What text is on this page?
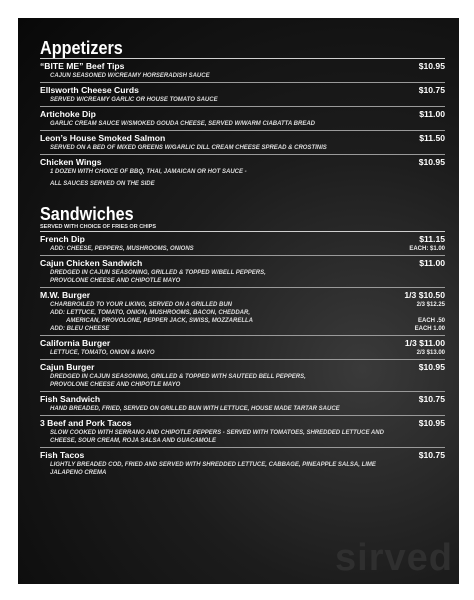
sirved
Appetizers
“BITE ME” Beef Tips	$10.95
CAJUN SEASONED W/CREAMY HORSERADISH SAUCE
Ellsworth Cheese Curds	$10.75
SERVED W/CREAMY GARLIC OR HOUSE TOMATO SAUCE
Artichoke Dip	$11.00
GARLIC CREAM SAUCE W/SMOKED GOUDA CHEESE, SERVED W/WARM CIABATTA BREAD
Leon’s House Smoked Salmon	$11.50
SERVED ON A BED OF MIXED GREENS W/GARLIC DILL CREAM CHEESE SPREAD & CROSTINIS
Chicken Wings	$10.95
1 DOZEN WITH CHOICE OF BBQ, THAI, JAMAICAN OR HOT SAUCE -
ALL SAUCES SERVED ON THE SIDE
Sandwiches
SERVED WITH CHOICE OF FRIES OR CHIPS
French Dip	$11.15
ADD: CHEESE, PEPPERS, MUSHROOMS, ONIONS	EACH: $1.00
Cajun Chicken Sandwich	$11.00
DREDGED IN CAJUN SEASONING, GRILLED & TOPPED W/BELL PEPPERS,
PROVOLONE CHEESE AND CHIPOTLE MAYO
M.W. Burger	1/3 $10.50
CHARBROILED TO YOUR LIKING, SERVED ON A GRILLED BUN	2/3 $12.25
ADD: LETTUCE, TOMATO, ONION, MUSHROOMS, BACON, CHEDDAR,
AMERICAN, PROVOLONE, PEPPER JACK, SWISS, MOZZARELLA	EACH .50
ADD: BLEU CHEESE	EACH 1.00
California Burger	1/3 $11.00
LETTUCE, TOMATO, ONION & MAYO	2/3 $13.00
Cajun Burger	$10.95
DREDGED IN CAJUN SEASONING, GRILLED & TOPPED WITH SAUTEED BELL PEPPERS,
PROVOLONE CHEESE AND CHIPOTLE MAYO
Fish Sandwich	$10.75
HAND BREADED, FRIED, SERVED ON GRILLED BUN WITH LETTUCE, HOUSE MADE TARTAR SAUCE
3 Beef and Pork Tacos	$10.95
SLOW COOKED WITH SERRANO AND CHIPOTLE PEPPERS - SERVED WITH TOMATOES, SHREDDED LETTUCE AND
CHEESE, SOUR CREAM, ROJA SALSA AND GUACAMOLE
Fish Tacos	$10.75
LIGHTLY BREADED COD, FRIED AND SERVED WITH SHREDDED LETTUCE, CABBAGE, PINEAPPLE SALSA, LIME
JALAPENO CREMA
